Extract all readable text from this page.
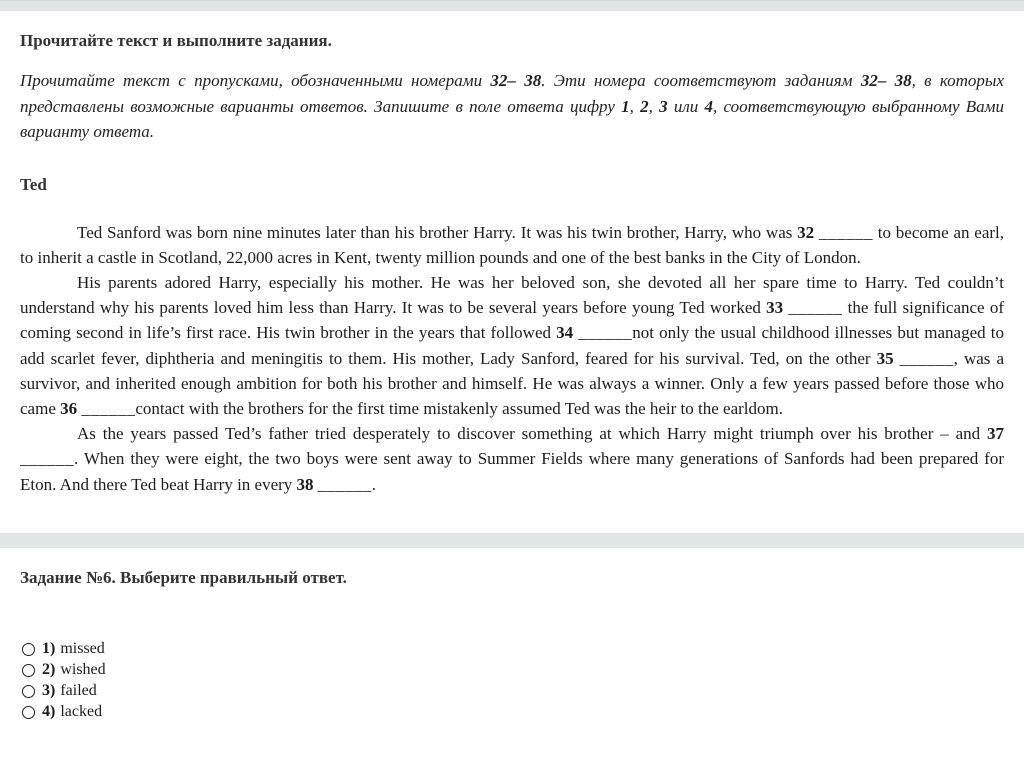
Прочитайте текст и выполните задания.

Прочитайте текст с пропусками, обозначенными номерами 32– 38. Эти номера соответствуют заданиям 32– 38, в которых представлены возможные варианты ответов. Запишите в поле ответа цифру 1, 2, 3 или 4, соответствующую выбранному Вами варианту ответа.

Ted

Ted Sanford was born nine minutes later than his brother Harry. It was his twin brother, Harry, who was 32 ______ to become an earl, to inherit a castle in Scotland, 22,000 acres in Kent, twenty million pounds and one of the best banks in the City of London.

His parents adored Harry, especially his mother. He was her beloved son, she devoted all her spare time to Harry. Ted couldn’t understand why his parents loved him less than Harry. It was to be several years before young Ted worked 33 ______ the full significance of coming second in life’s first race. His twin brother in the years that followed 34 ______not only the usual childhood illnesses but managed to add scarlet fever, diphtheria and meningitis to them. His mother, Lady Sanford, feared for his survival. Ted, on the other 35 ______, was a survivor, and inherited enough ambition for both his brother and himself. He was always a winner. Only a few years passed before those who came 36 ______contact with the brothers for the first time mistakenly assumed Ted was the heir to the earldom.

As the years passed Ted’s father tried desperately to discover something at which Harry might triumph over his brother – and 37 ______. When they were eight, the two boys were sent away to Summer Fields where many generations of Sanfords had been prepared for Eton. And there Ted beat Harry in every 38 ______.

Задание №6. Выберите правильный ответ.
1) missed
2) wished
3) failed
4) lacked
